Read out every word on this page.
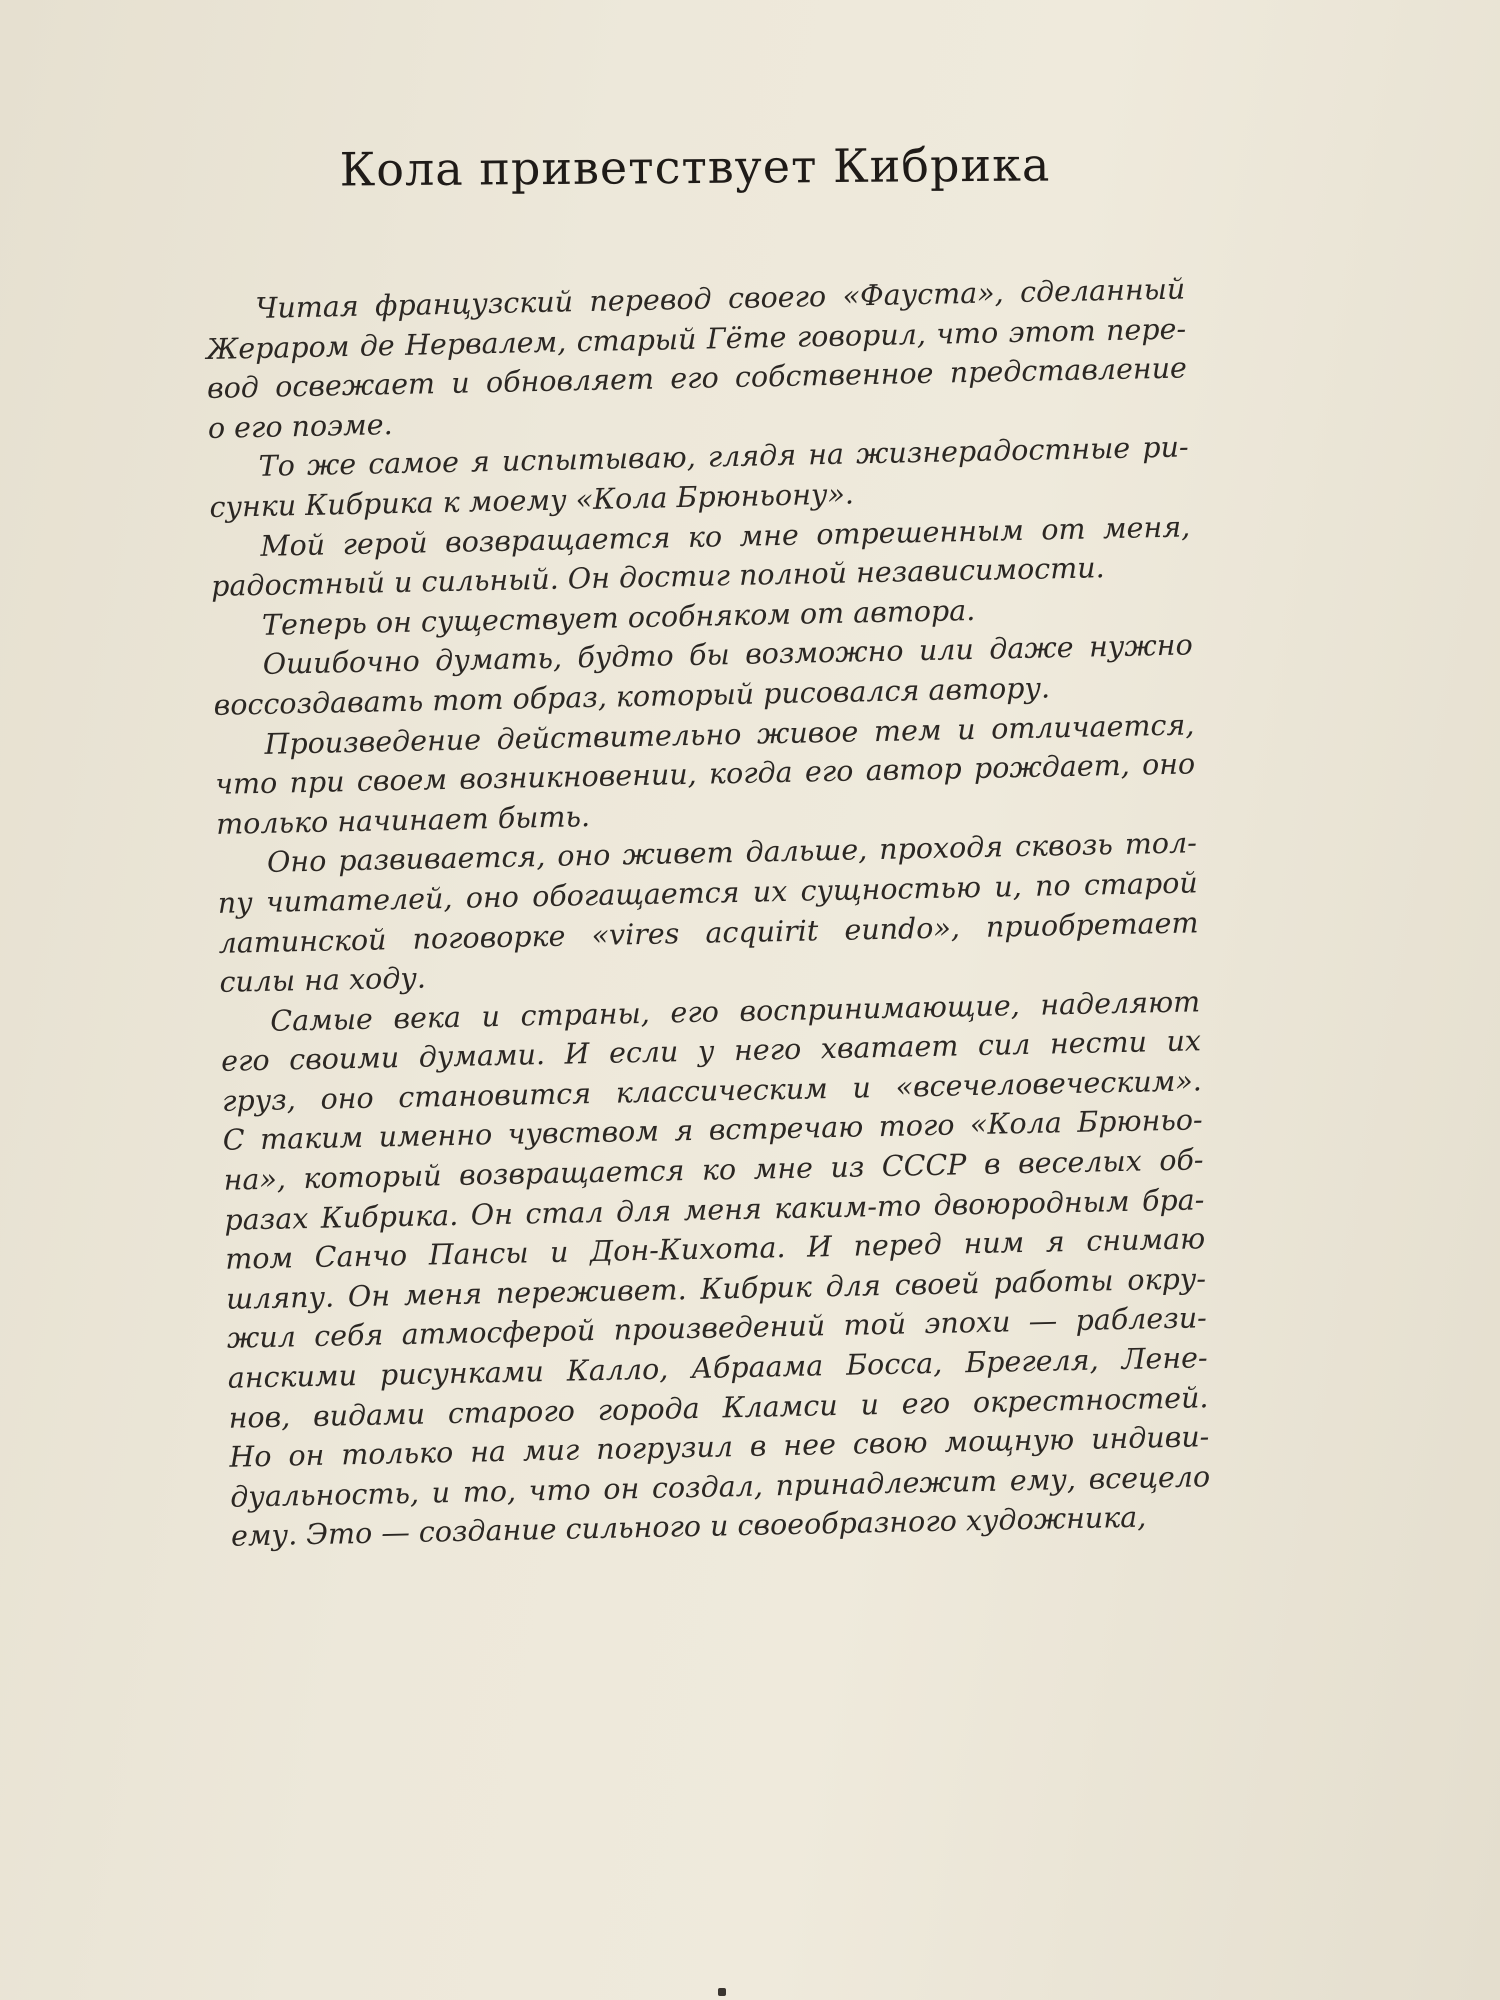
Кола приветствует Кибрика

Читая французский перевод своего «Фауста», сделанный
Жераром де Нервалем, старый Гёте говорил, что этот пере-
вод освежает и обновляет его собственное представление
о его поэме.

То же самое я испытываю, глядя на жизнерадостные ри-
сунки Кибрика к моему «Кола Брюньону».

Мой герой возвращается ко мне отрешенным от меня,
радостный и сильный. Он достиг полной независимости.

Теперь он существует особняком от автора.

Ошибочно думать, будто бы возможно или даже нужно
воссоздавать тот образ, который рисовался автору.

Произведение действительно живое тем и отличается,
что при своем возникновении, когда его автор рождает, оно
только начинает быть.

Оно развивается, оно живет дальше, проходя сквозь тол-
пу читателей, оно обогащается их сущностью и, по старой
латинской поговорке «vires acquirit eundo», приобретает
силы на ходу.

Самые века и страны, его воспринимающие, наделяют
его своими думами. И если у него хватает сил нести их
груз, оно становится классическим и «всечеловеческим».
С таким именно чувством я встречаю того «Кола Брюньо-
на», который возвращается ко мне из СССР в веселых об-
разах Кибрика. Он стал для меня каким-то двоюродным бра-
том Санчо Пансы и Дон-Кихота. И перед ним я снимаю
шляпу. Он меня переживет. Кибрик для своей работы окру-
жил себя атмосферой произведений той эпохи — раблези-
анскими рисунками Калло, Абраама Босса, Брегеля, Ленe-
нов, видами старого города Кламси и его окрестностей.
Но он только на миг погрузил в нее свою мощную индиви-
дуальность, и то, что он создал, принадлежит ему, всецело
ему. Это — создание сильного и своеобразного художника,
